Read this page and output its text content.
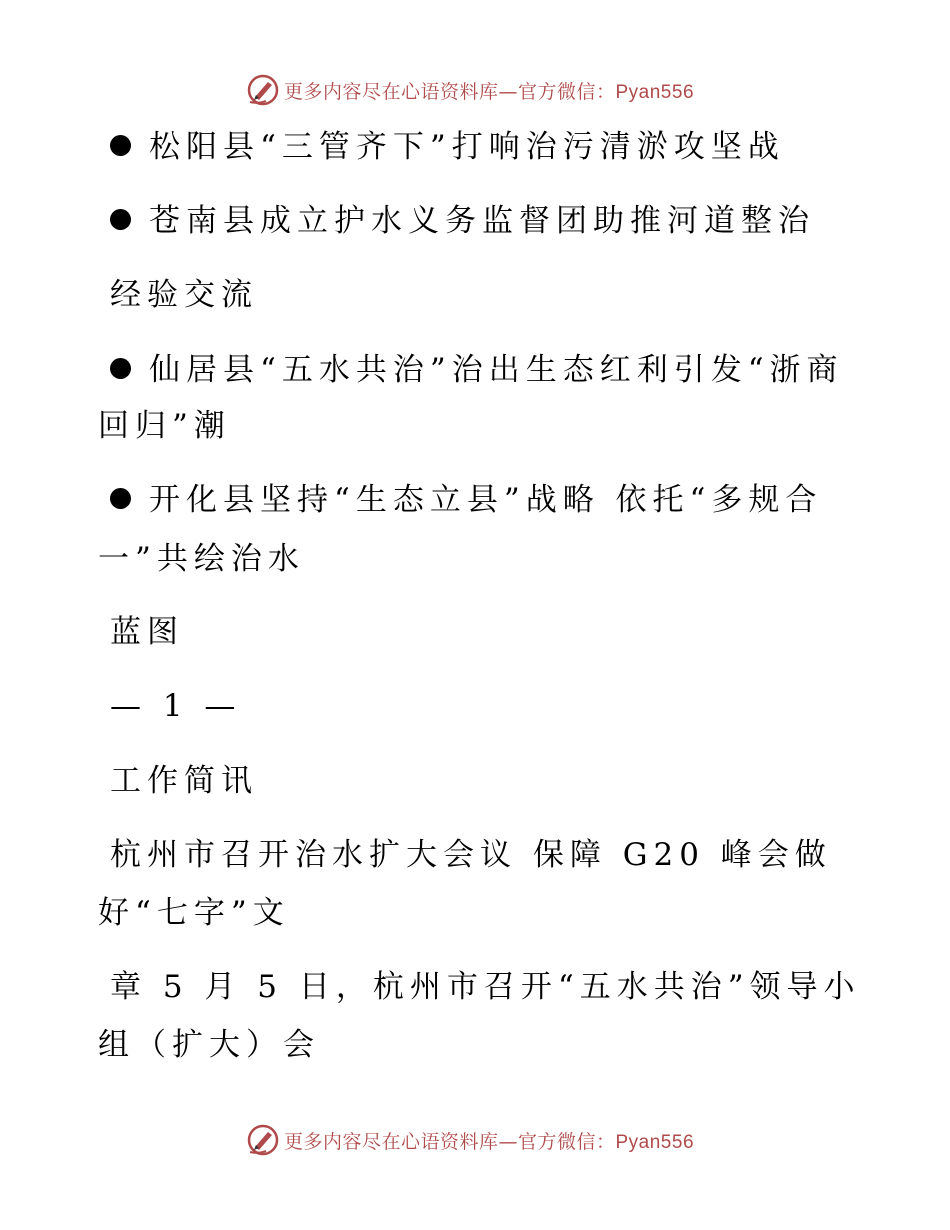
更多内容尽在心语资料库—官方微信：Pyan556
松阳县“三管齐下”打响治污清淤攻坚战
苍南县成立护水义务监督团助推河道整治
经验交流
仙居县“五水共治”治出生态红利引发“浙商
回归”潮
开化县坚持“生态立县”战略 依托“多规合
一”共绘治水
蓝图
— 1 —
工作简讯
杭州市召开治水扩大会议 保障 G20 峰会做
好“七字”文
章 5 月 5 日，杭州市召开“五水共治”领导小
组（扩大）会
更多内容尽在心语资料库—官方微信：Pyan556
